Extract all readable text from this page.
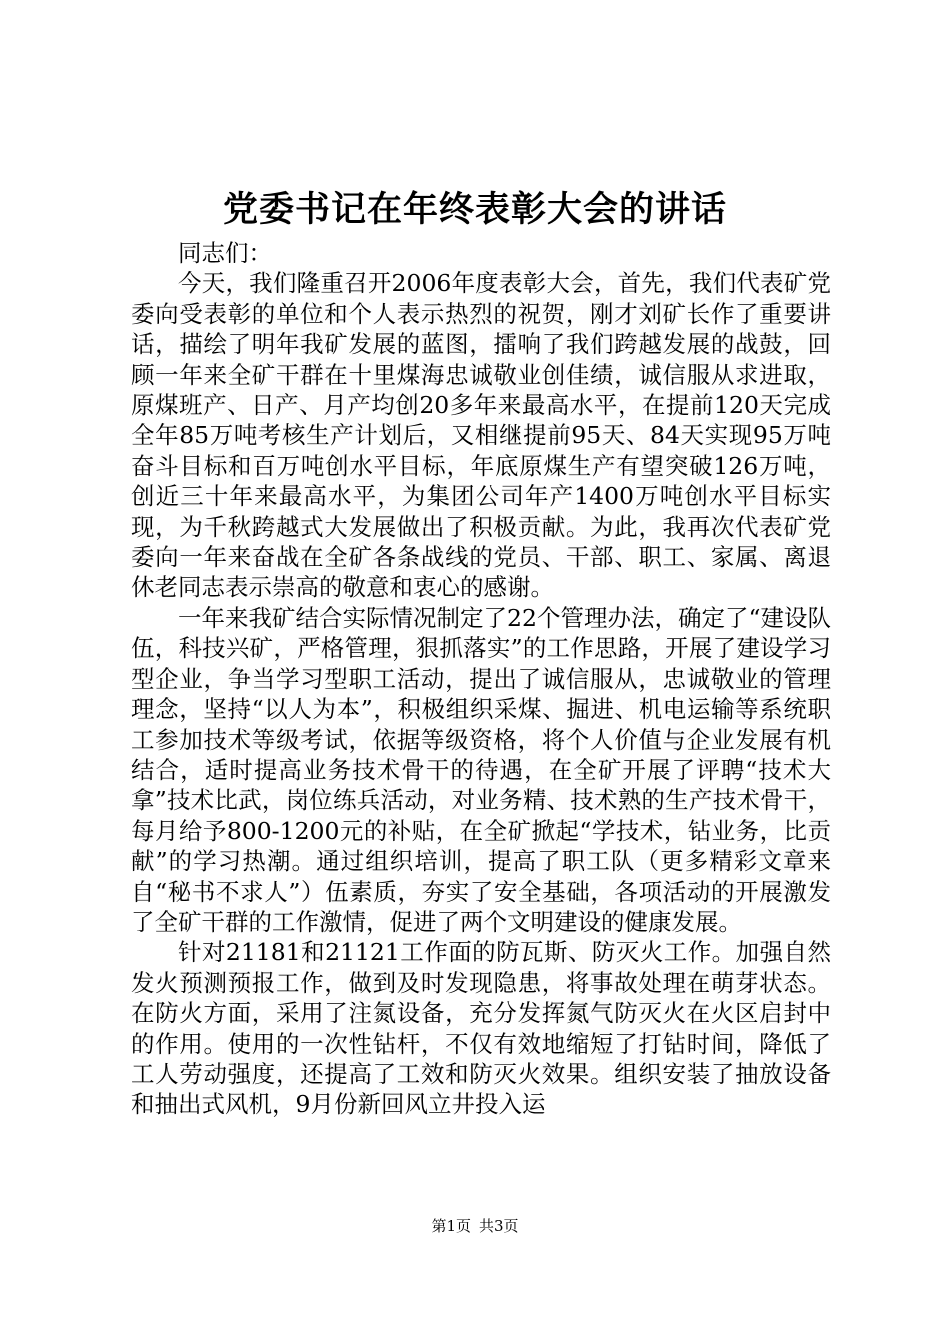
党委书记在年终表彰大会的讲话

同志们：

今天，我们隆重召开2006年度表彰大会，首先，我们代表矿党委向受表彰的单位和个人表示热烈的祝贺，刚才刘矿长作了重要讲话，描绘了明年我矿发展的蓝图，擂响了我们跨越发展的战鼓，回顾一年来全矿干群在十里煤海忠诚敬业创佳绩，诚信服从求进取，原煤班产、日产、月产均创20多年来最高水平，在提前120天完成全年85万吨考核生产计划后，又相继提前95天、84天实现95万吨奋斗目标和百万吨创水平目标，年底原煤生产有望突破126万吨，创近三十年来最高水平，为集团公司年产1400万吨创水平目标实现，为千秋跨越式大发展做出了积极贡献。为此，我再次代表矿党委向一年来奋战在全矿各条战线的党员、干部、职工、家属、离退休老同志表示崇高的敬意和衷心的感谢。

一年来我矿结合实际情况制定了22个管理办法，确定了“建设队伍，科技兴矿，严格管理，狠抓落实”的工作思路，开展了建设学习型企业，争当学习型职工活动，提出了诚信服从，忠诚敬业的管理理念，坚持“以人为本”，积极组织采煤、掘进、机电运输等系统职工参加技术等级考试，依据等级资格，将个人价值与企业发展有机结合，适时提高业务技术骨干的待遇，在全矿开展了评聘“技术大拿”技术比武，岗位练兵活动，对业务精、技术熟的生产技术骨干，每月给予800-1200元的补贴，在全矿掀起“学技术，钻业务，比贡献”的学习热潮。通过组织培训，提高了职工队（更多精彩文章来自“秘书不求人”）伍素质，夯实了安全基础，各项活动的开展激发了全矿干群的工作激情，促进了两个文明建设的健康发展。

针对21181和21121工作面的防瓦斯、防灭火工作。加强自然发火预测预报工作，做到及时发现隐患，将事故处理在萌芽状态。在防火方面，采用了注氮设备，充分发挥氮气防灭火在火区启封中的作用。使用的一次性钻杆，不仅有效地缩短了打钻时间，降低了工人劳动强度，还提高了工效和防灭火效果。组织安装了抽放设备和抽出式风机，9月份新回风立井投入运

第1页 共3页
